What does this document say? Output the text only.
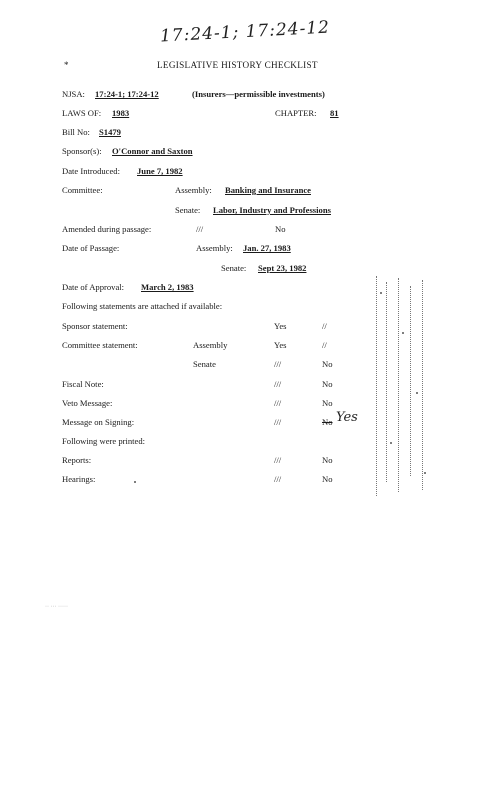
17:24-1; 17:24-12
*	LEGISLATIVE HISTORY CHECKLIST
NJSA: 17:24-1; 17:24-12	(Insurers—permissible investments)
LAWS OF: 1983	CHAPTER: 81
Bill No: S1479
Sponsor(s): O'Connor and Saxton
Date Introduced: June 7, 1982
Committee:	Assembly: Banking and Insurance
Senate: Labor, Industry and Professions
Amended during passage:	///	No
Date of Passage:	Assembly: Jan. 27, 1983
Senate: Sept 23, 1982
Date of Approval: March 2, 1983
Following statements are attached if available:
Sponsor statement:	Yes	//
Committee statement:	Assembly	Yes	//
Senate	///	No
Fiscal Note:	///	No
Veto Message:	///	No
Message on Signing:	///	No Yes
Following were printed:
Reports:	///	No
Hearings:	///	No
·· ··· ·····
